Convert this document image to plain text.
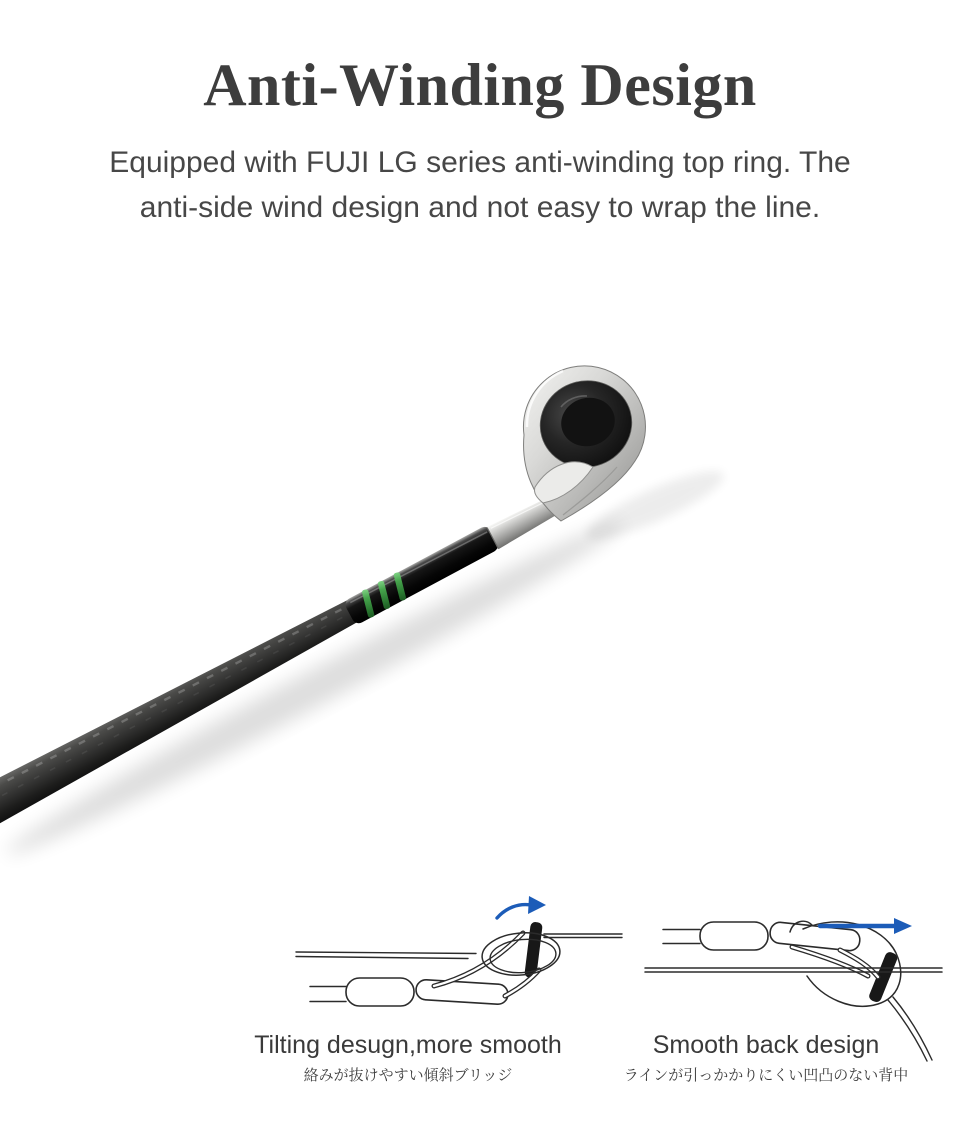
Anti-Winding Design
Equipped with FUJI LG series anti-winding top ring. The
anti-side wind design and not easy to wrap the line.
Tilting desugn,more smooth
絡みが抜けやすい傾斜ブリッジ
Smooth back design
ラインが引っかかりにくい凹凸のない背中
